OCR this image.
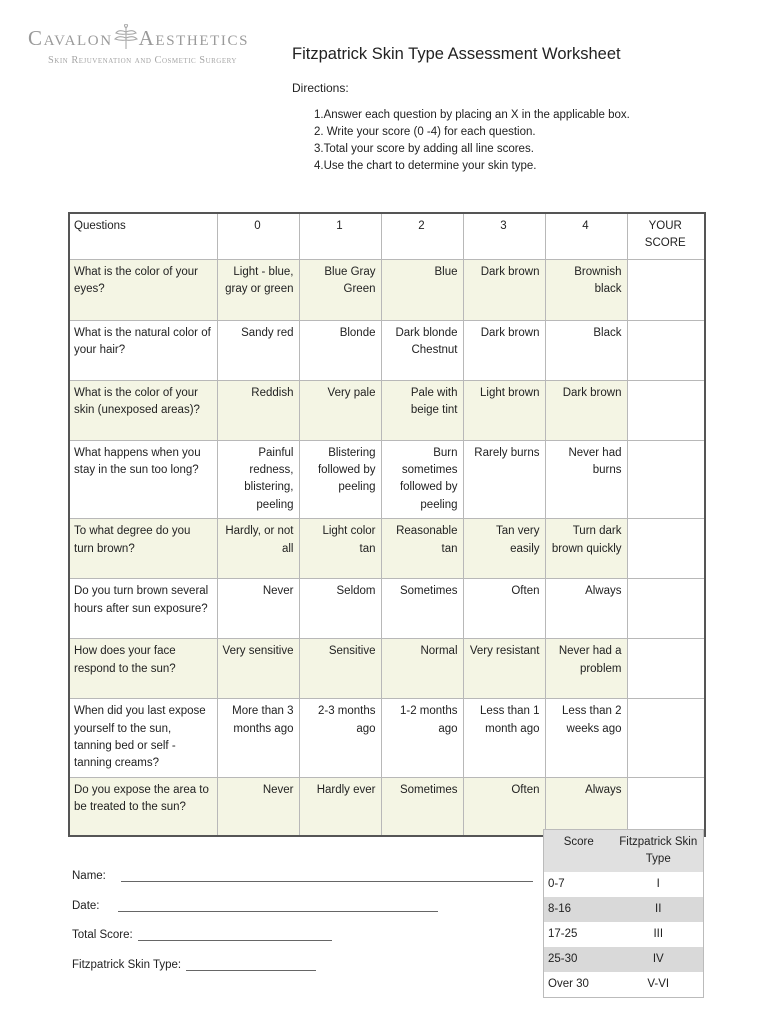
Cavalon Aesthetics
Skin Rejuvenation and Cosmetic Surgery	Fitzpatrick Skin Type Assessment Worksheet
Directions:
1.Answer each question by placing an X in the applicable box.
2. Write your score (0 -4) for each question.
3.Total your score by adding all line scores.
4.Use the chart to determine your skin type.
Questions	0	1	2	3	4	YOUR SCORE
What is the color of your eyes?	Light - blue, gray or green	Blue Gray Green	Blue	Dark brown	Brownish black	
What is the natural color of your hair?	Sandy red	Blonde	Dark blonde Chestnut	Dark brown	Black	
What is the color of your skin (unexposed areas)?	Reddish	Very pale	Pale with beige tint	Light brown	Dark brown	
What happens when you stay in the sun too long?	Painful redness, blistering, peeling	Blistering followed by peeling	Burn sometimes followed by peeling	Rarely burns	Never had burns	
To what degree do you turn brown?	Hardly, or not all	Light color tan	Reasonable tan	Tan very easily	Turn dark brown quickly	
Do you turn brown several hours after sun exposure?	Never	Seldom	Sometimes	Often	Always	
How does your face respond to the sun?	Very sensitive	Sensitive	Normal	Very resistant	Never had a problem	
When did you last expose yourself to the sun, tanning bed or self - tanning creams?	More than 3 months ago	2-3 months ago	1-2 months ago	Less than 1 month ago	Less than 2 weeks ago	
Do you expose the area to be treated to the sun?	Never	Hardly ever	Sometimes	Often	Always	
Name:
Date:
Total Score:
Fitzpatrick Skin Type:
Score	Fitzpatrick Skin Type
0-7	I
8-16	II
17-25	III
25-30	IV
Over 30	V-VI
